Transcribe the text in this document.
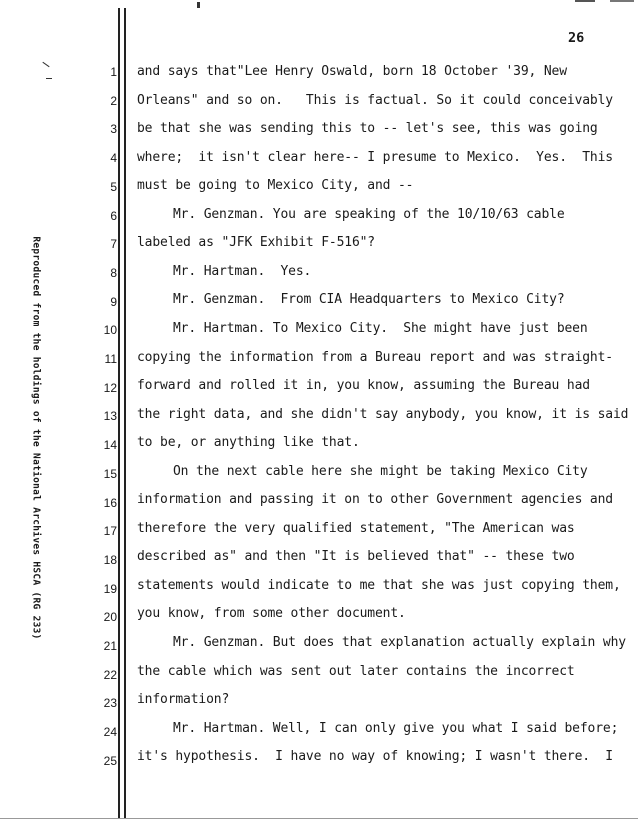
26
Reproduced from the holdings of the National Archives HSCA (RG 233)
1 and says that"Lee Henry Oswald, born 18 October '39, New
2 Orleans" and so on.   This is factual. So it could conceivably
3 be that she was sending this to -- let's see, this was going
4 where;  it isn't clear here-- I presume to Mexico.  Yes.  This
5 must be going to Mexico City, and --
6	Mr. Genzman. You are speaking of the 10/10/63 cable
7 labeled as "JFK Exhibit F-516"?
8	Mr. Hartman.  Yes.
9	Mr. Genzman.  From CIA Headquarters to Mexico City?
10	Mr. Hartman. To Mexico City.  She might have just been
11 copying the information from a Bureau report and was straight-
12 forward and rolled it in, you know, assuming the Bureau had
13 the right data, and she didn't say anybody, you know, it is said
14 to be, or anything like that.
15	On the next cable here she might be taking Mexico City
16 information and passing it on to other Government agencies and
17 therefore the very qualified statement, "The American was
18 described as" and then "It is believed that" -- these two
19 statements would indicate to me that she was just copying them,
20 you know, from some other document.
21	Mr. Genzman. But does that explanation actually explain why
22 the cable which was sent out later contains the incorrect
23 information?
24	Mr. Hartman. Well, I can only give you what I said before;
25 it's hypothesis.  I have no way of knowing; I wasn't there.  I
